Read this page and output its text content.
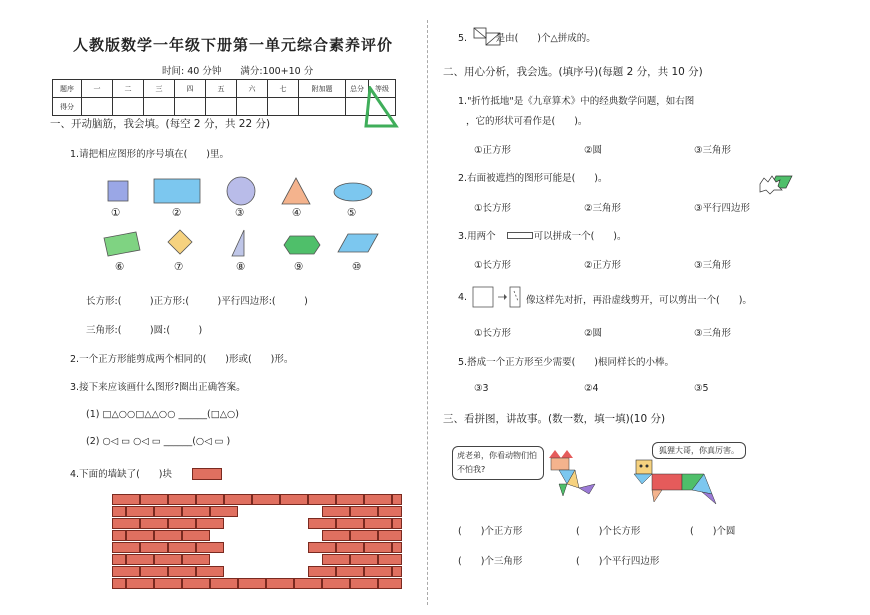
人教版数学一年级下册第一单元综合素养评价
时间: 40 分钟　　满分:100+10 分
题序	一	二	三	四	五	六	七	附加题	总分	等级
得分										
一、开动脑筋，我会填。(每空 2 分，共 22 分)
1.请把相应图形的序号填在(　　)里。
①	②	③	④	⑤
⑥	⑦	⑧	⑨	⑩
长方形:(　　　)正方形:(　　　)平行四边形:(　　　)
三角形:(　　　)圆:(　　　)
2.一个正方形能剪成两个相同的(　　)形或(　　)形。
3.接下来应该画什么图形?圈出正确答案。
(1) □△○○□△△○○ ______(□△○)
(2) ○◁ ▭ ○◁ ▭ ______(○◁ ▭ )
4.下面的墙缺了(　　)块
5.　　　是由(　　)个△拼成的。
二、用心分析，我会选。(填序号)(每题 2 分，共 10 分)
1."折竹抵地"是《九章算术》中的经典数学问题，如右图
，它的形状可看作是(　　)。
①正方形	②圆	③三角形
2.右面被遮挡的图形可能是(　　)。
①长方形	②三角形	③平行四边形
3.用两个　　　　可以拼成一个(　　)。
①长方形	②正方形	③三角形
4.	像这样先对折，再沿虚线剪开，可以剪出一个(　　)。
①长方形	②圆	③三角形
5.搭成一个正方形至少需要(　　)根同样长的小棒。
③3	②4	③5
三、看拼图，讲故事。(数一数，填一填)(10 分)
虎老弟，你看动物们怕不怕我?
狐狸大哥，你真厉害。
(　　)个正方形	(　　)个长方形	(　　)个圆
(　　)个三角形	(　　)个平行四边形
